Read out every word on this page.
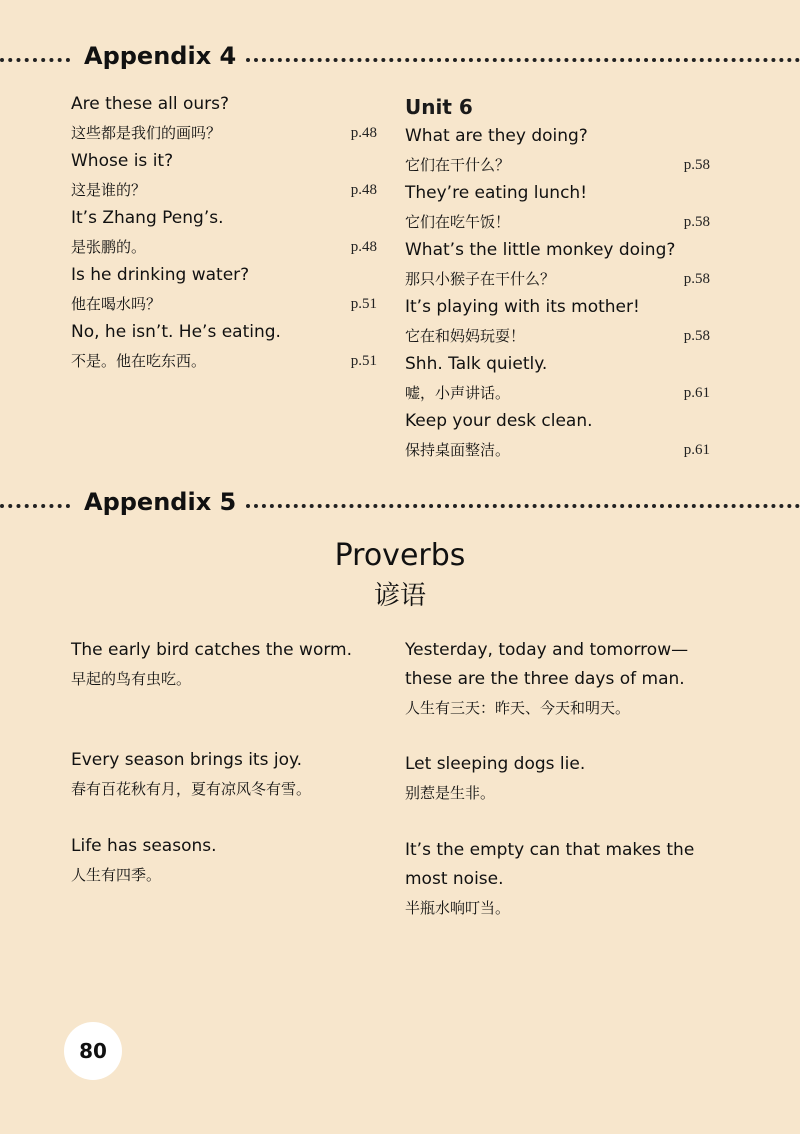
Appendix 4
Are these all ours?
这些都是我们的画吗？	p.48
Whose is it?
这是谁的？	p.48
It’s Zhang Peng’s.
是张鹏的。	p.48
Is he drinking water?
他在喝水吗？	p.51
No, he isn’t. He’s eating.
不是。他在吃东西。	p.51
Unit 6
What are they doing?
它们在干什么？	p.58
They’re eating lunch!
它们在吃午饭！	p.58
What’s the little monkey doing?
那只小猴子在干什么？	p.58
It’s playing with its mother!
它在和妈妈玩耍！	p.58
Shh. Talk quietly.
嘘，小声讲话。	p.61
Keep your desk clean.
保持桌面整洁。	p.61
Appendix 5
Proverbs
谚语
The early bird catches the worm.
早起的鸟有虫吃。
Every season brings its joy.
春有百花秋有月，夏有凉风冬有雪。
Life has seasons.
人生有四季。
Yesterday, today and tomorrow—
these are the three days of man.
人生有三天：昨天、今天和明天。
Let sleeping dogs lie.
别惹是生非。
It’s the empty can that makes the
most noise.
半瓶水响叮当。
80
